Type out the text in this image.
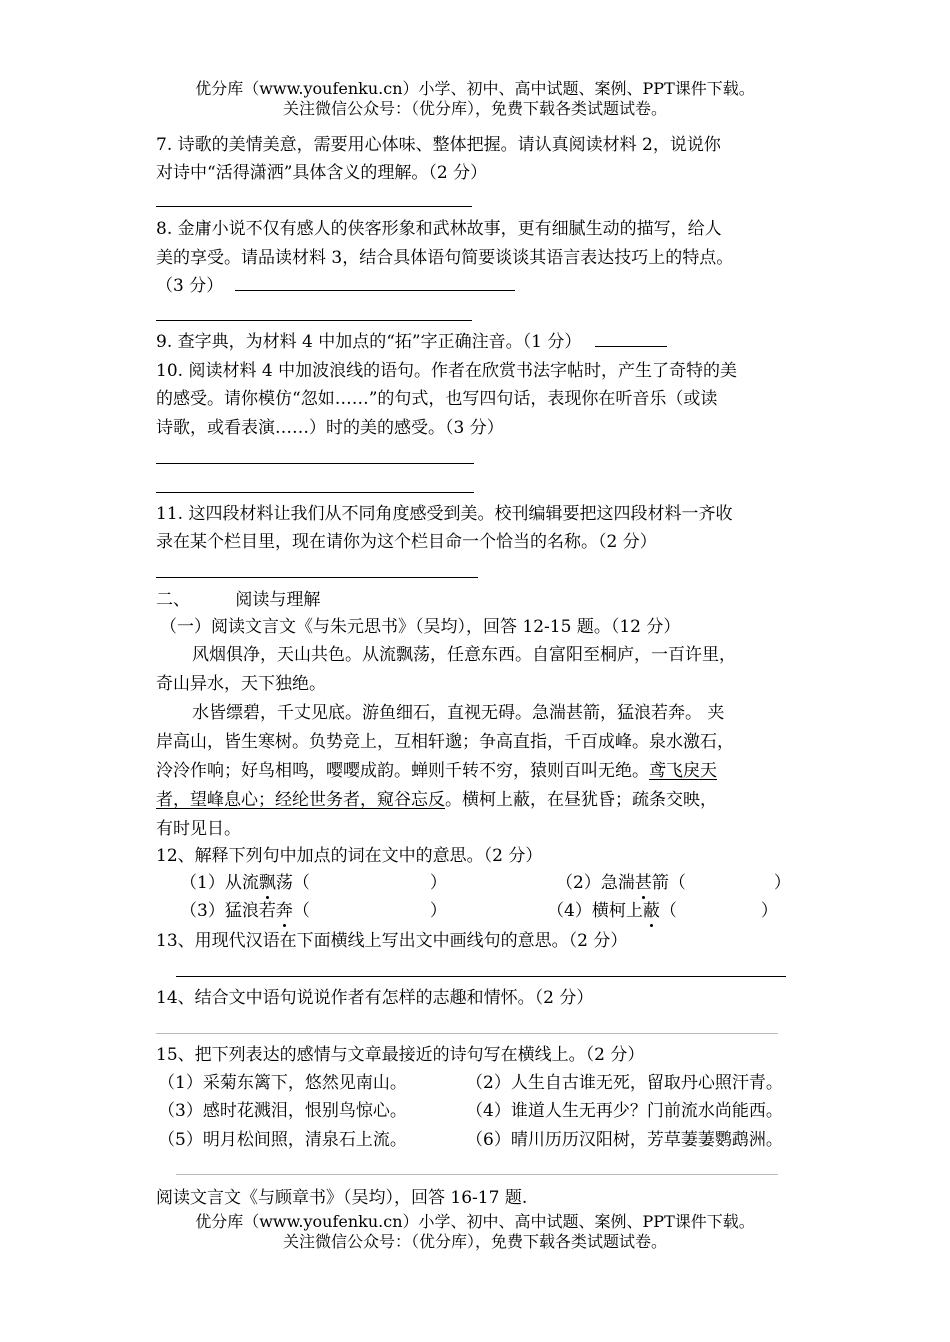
优分库（www.youfenku.cn）小学、初中、高中试题、案例、PPT课件下载。
关注微信公众号：（优分库），免费下载各类试题试卷。
7. 诗歌的美情美意，需要用心体味、整体把握。请认真阅读材料 2，说说你
对诗中“活得潇洒”具体含义的理解。（2 分）
8. 金庸小说不仅有感人的侠客形象和武林故事，更有细腻生动的描写，给人
美的享受。请品读材料 3，结合具体语句简要谈谈其语言表达技巧上的特点。
（3 分）
9. 查字典，为材料 4 中加点的“拓”字正确注音。（1 分）
10. 阅读材料 4 中加波浪线的语句。作者在欣赏书法字帖时，产生了奇特的美
的感受。请你模仿“忽如……”的句式，也写四句话，表现你在听音乐（或读
诗歌，或看表演……）时的美的感受。（3 分）
11. 这四段材料让我们从不同角度感受到美。校刊编辑要把这四段材料一齐收
录在某个栏目里，现在请你为这个栏目命一个恰当的名称。（2 分）
二、	阅读与理解
（一）阅读文言文《与朱元思书》（吴均），回答 12-15 题。（12 分）
风烟俱净，天山共色。从流飘荡，任意东西。自富阳至桐庐，一百许里，
奇山异水，天下独绝。
水皆缥碧，千丈见底。游鱼细石，直视无碍。急湍甚箭，猛浪若奔。 夹
岸高山，皆生寒树。负势竞上，互相轩邈；争高直指，千百成峰。泉水激石，
泠泠作响；好鸟相鸣，嘤嘤成韵。蝉则千转不穷，猿则百叫无绝。鸢飞戾天
者，望峰息心；经纶世务者，窥谷忘反。横柯上蔽，在昼犹昏；疏条交映，
有时见日。
12、解释下列句中加点的词在文中的意思。（2 分）
（1）从流飘荡（	）	（2）急湍甚箭（	）
（3）猛浪若奔（	）	（4）横柯上蔽（	）
13、用现代汉语在下面横线上写出文中画线句的意思。（2 分）
14、结合文中语句说说作者有怎样的志趣和情怀。（2 分）
15、把下列表达的感情与文章最接近的诗句写在横线上。（2 分）
（1）采菊东篱下，悠然见南山。	（2）人生自古谁无死，留取丹心照汗青。
（3）感时花溅泪，恨别鸟惊心。	（4）谁道人生无再少？门前流水尚能西。
（5）明月松间照，清泉石上流。	（6）晴川历历汉阳树，芳草萋萋鹦鹉洲。
阅读文言文《与顾章书》（吴均），回答 16-17 题.
优分库（www.youfenku.cn）小学、初中、高中试题、案例、PPT课件下载。
关注微信公众号：（优分库），免费下载各类试题试卷。
